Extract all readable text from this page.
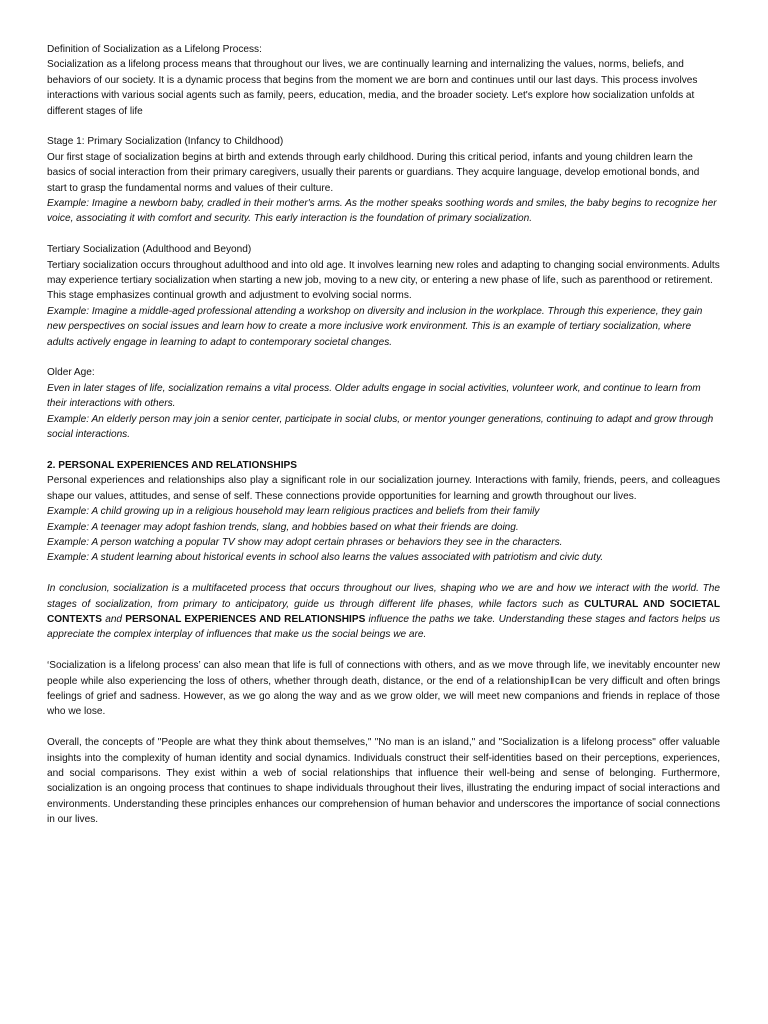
Definition of Socialization as a Lifelong Process:

Socialization as a lifelong process means that throughout our lives, we are continually learning and internalizing the values, norms, beliefs, and behaviors of our society. It is a dynamic process that begins from the moment we are born and continues until our last days. This process involves interactions with various social agents such as family, peers, education, media, and the broader society. Let's explore how socialization unfolds at different stages of life

Stage 1: Primary Socialization (Infancy to Childhood)

Our first stage of socialization begins at birth and extends through early childhood. During this critical period, infants and young children learn the basics of social interaction from their primary caregivers, usually their parents or guardians. They acquire language, develop emotional bonds, and start to grasp the fundamental norms and values of their culture.

Example: Imagine a newborn baby, cradled in their mother's arms. As the mother speaks soothing words and smiles, the baby begins to recognize her voice, associating it with comfort and security. This early interaction is the foundation of primary socialization.

Tertiary Socialization (Adulthood and Beyond)

Tertiary socialization occurs throughout adulthood and into old age. It involves learning new roles and adapting to changing social environments. Adults may experience tertiary socialization when starting a new job, moving to a new city, or entering a new phase of life, such as parenthood or retirement. This stage emphasizes continual growth and adjustment to evolving social norms.

Example: Imagine a middle-aged professional attending a workshop on diversity and inclusion in the workplace. Through this experience, they gain new perspectives on social issues and learn how to create a more inclusive work environment. This is an example of tertiary socialization, where adults actively engage in learning to adapt to contemporary societal changes.

Older Age:

Even in later stages of life, socialization remains a vital process. Older adults engage in social activities, volunteer work, and continue to learn from their interactions with others.

Example: An elderly person may join a senior center, participate in social clubs, or mentor younger generations, continuing to adapt and grow through social interactions.

2. PERSONAL EXPERIENCES AND RELATIONSHIPS

Personal experiences and relationships also play a significant role in our socialization journey. Interactions with family, friends, peers, and colleagues shape our values, attitudes, and sense of self. These connections provide opportunities for learning and growth throughout our lives.

Example: A child growing up in a religious household may learn religious practices and beliefs from their family

Example: A teenager may adopt fashion trends, slang, and hobbies based on what their friends are doing.

Example: A person watching a popular TV show may adopt certain phrases or behaviors they see in the characters.

Example: A student learning about historical events in school also learns the values associated with patriotism and civic duty.

In conclusion, socialization is a multifaceted process that occurs throughout our lives, shaping who we are and how we interact with the world. The stages of socialization, from primary to anticipatory, guide us through different life phases, while factors such as CULTURAL AND SOCIETAL CONTEXTS and PERSONAL EXPERIENCES AND RELATIONSHIPS influence the paths we take. Understanding these stages and factors helps us appreciate the complex interplay of influences that make us the social beings we are.

‘Socialization is a lifelong process’ can also mean that life is full of connections with others, and as we move through life, we inevitably encounter new people while also experiencing the loss of others, whether through death, distance, or the end of a relationship ‖ can be very difficult and often brings feelings of grief and sadness. However, as we go along the way and as we grow older, we will meet new companions and friends in replace of those who we lose.

Overall, the concepts of "People are what they think about themselves," "No man is an island," and "Socialization is a lifelong process" offer valuable insights into the complexity of human identity and social dynamics. Individuals construct their self-identities based on their perceptions, experiences, and social comparisons. They exist within a web of social relationships that influence their well-being and sense of belonging. Furthermore, socialization is an ongoing process that continues to shape individuals throughout their lives, illustrating the enduring impact of social interactions and environments. Understanding these principles enhances our comprehension of human behavior and underscores the importance of social connections in our lives.
